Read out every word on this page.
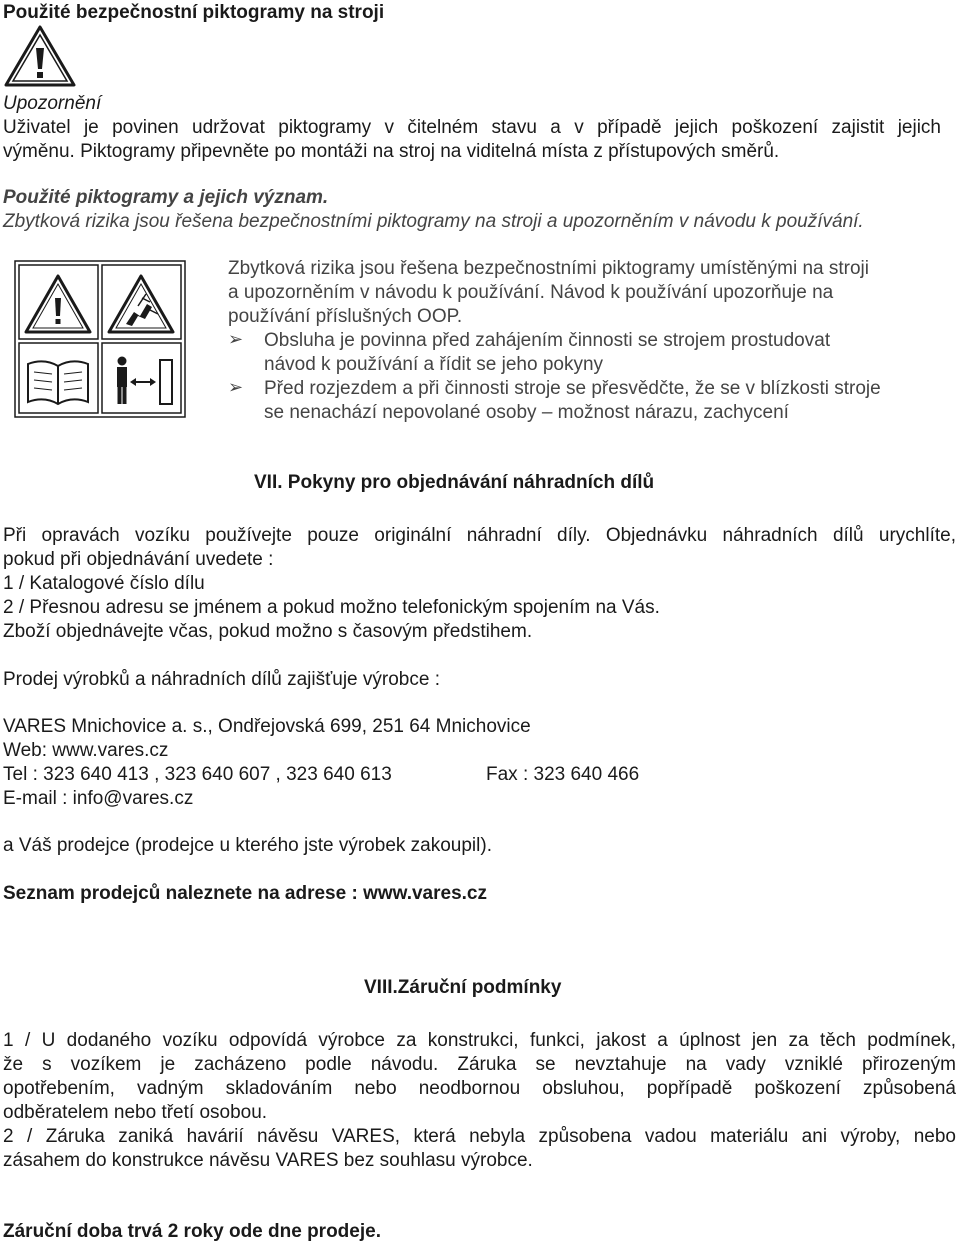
Použité bezpečnostní piktogramy na stroji
Upozornění
Uživatel je povinen udržovat piktogramy v čitelném stavu a v případě jejich poškození zajistit jejich
výměnu. Piktogramy připevněte po montáži na stroj na viditelná místa z přístupových směrů.
Použité piktogramy a jejich význam.
Zbytková rizika jsou řešena bezpečnostními piktogramy na stroji a upozorněním v návodu k používání.
Zbytková rizika jsou řešena bezpečnostními piktogramy umístěnými na stroji
a upozorněním v návodu k používání. Návod k používání upozorňuje na
používání příslušných OOP.
➢ Obsluha je povinna před zahájením činnosti se strojem prostudovat
návod k používání a řídit se jeho pokyny
➢ Před rozjezdem a při činnosti stroje se přesvědčte, že se v blízkosti stroje
se nenachází nepovolané osoby – možnost nárazu, zachycení
VII. Pokyny pro objednávání náhradních dílů
Při opravách vozíku používejte pouze originální náhradní díly. Objednávku náhradních dílů urychlíte,
pokud při objednávání uvedete :
1 / Katalogové číslo dílu
2 / Přesnou adresu se jménem a pokud možno telefonickým spojením na Vás.
Zboží objednávejte včas, pokud možno s časovým předstihem.
Prodej výrobků a náhradních dílů zajišťuje výrobce :
VARES Mnichovice a. s., Ondřejovská 699, 251 64 Mnichovice
Web: www.vares.cz
Tel : 323 640 413 , 323 640 607 , 323 640 613	Fax : 323 640 466
E-mail : info@vares.cz
a Váš prodejce (prodejce u kterého jste výrobek zakoupil).
Seznam prodejců naleznete na adrese : www.vares.cz
VIII.Záruční podmínky
1 / U dodaného vozíku odpovídá výrobce za konstrukci, funkci, jakost a úplnost jen za těch podmínek,
že s vozíkem je zacházeno podle návodu. Záruka se nevztahuje na vady vzniklé přirozeným
opotřebením, vadným skladováním nebo neodbornou obsluhou, popřípadě poškození způsobená
odběratelem nebo třetí osobou.
2 / Záruka zaniká havárií návěsu VARES, která nebyla způsobena vadou materiálu ani výroby, nebo
zásahem do konstrukce návěsu VARES bez souhlasu výrobce.
Záruční doba trvá 2 roky ode dne prodeje.
